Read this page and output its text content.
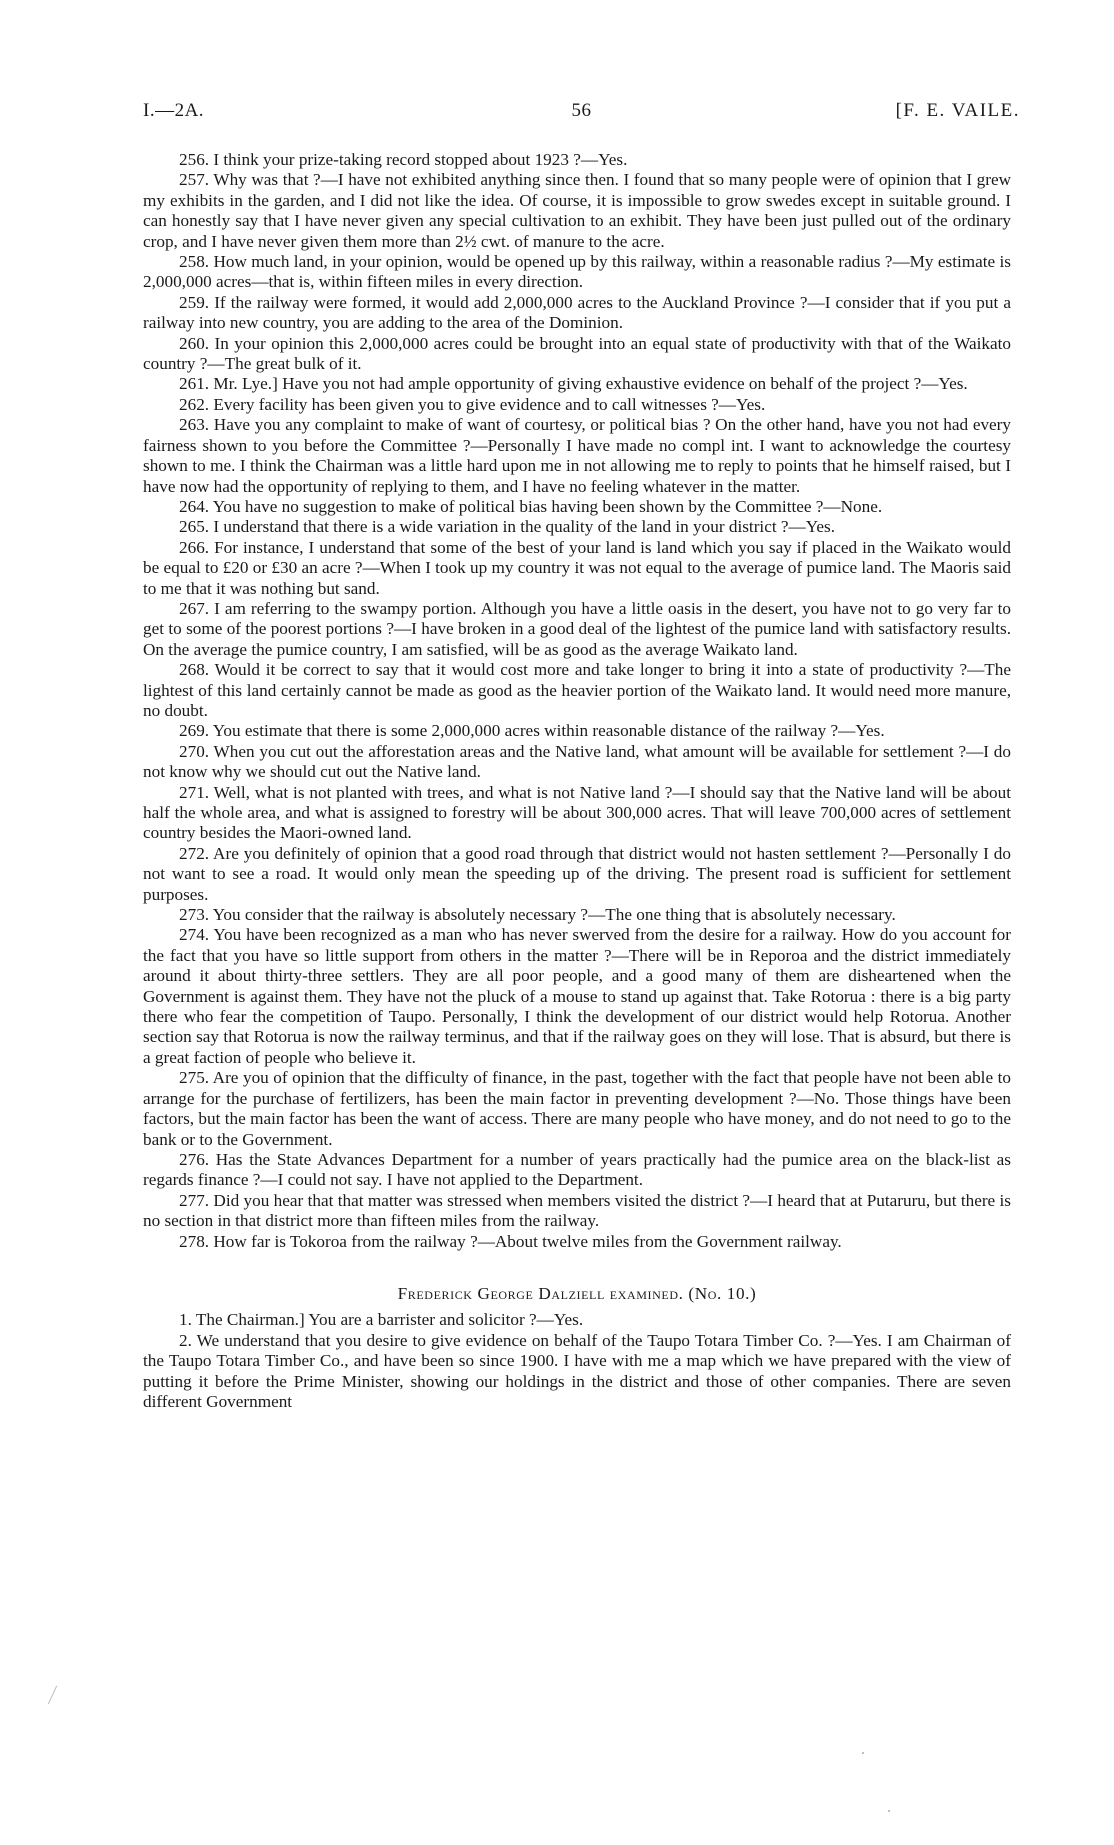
I.—2A.	56	[F. E. VAILE.

256. I think your prize-taking record stopped about 1923 ?—Yes.

257. Why was that ?—I have not exhibited anything since then. I found that so many people were of opinion that I grew my exhibits in the garden, and I did not like the idea. Of course, it is impossible to grow swedes except in suitable ground. I can honestly say that I have never given any special cultivation to an exhibit. They have been just pulled out of the ordinary crop, and I have never given them more than 2½ cwt. of manure to the acre.

258. How much land, in your opinion, would be opened up by this railway, within a reasonable radius ?—My estimate is 2,000,000 acres—that is, within fifteen miles in every direction.

259. If the railway were formed, it would add 2,000,000 acres to the Auckland Province ?—I consider that if you put a railway into new country, you are adding to the area of the Dominion.

260. In your opinion this 2,000,000 acres could be brought into an equal state of productivity with that of the Waikato country ?—The great bulk of it.

261. Mr. Lye.] Have you not had ample opportunity of giving exhaustive evidence on behalf of the project ?—Yes.

262. Every facility has been given you to give evidence and to call witnesses ?—Yes.

263. Have you any complaint to make of want of courtesy, or political bias ? On the other hand, have you not had every fairness shown to you before the Committee ?—Personally I have made no compl int. I want to acknowledge the courtesy shown to me. I think the Chairman was a little hard upon me in not allowing me to reply to points that he himself raised, but I have now had the opportunity of replying to them, and I have no feeling whatever in the matter.

264. You have no suggestion to make of political bias having been shown by the Committee ?—None.

265. I understand that there is a wide variation in the quality of the land in your district ?—Yes.

266. For instance, I understand that some of the best of your land is land which you say if placed in the Waikato would be equal to £20 or £30 an acre ?—When I took up my country it was not equal to the average of pumice land. The Maoris said to me that it was nothing but sand.

267. I am referring to the swampy portion. Although you have a little oasis in the desert, you have not to go very far to get to some of the poorest portions ?—I have broken in a good deal of the lightest of the pumice land with satisfactory results. On the average the pumice country, I am satisfied, will be as good as the average Waikato land.

268. Would it be correct to say that it would cost more and take longer to bring it into a state of productivity ?—The lightest of this land certainly cannot be made as good as the heavier portion of the Waikato land. It would need more manure, no doubt.

269. You estimate that there is some 2,000,000 acres within reasonable distance of the railway ?—Yes.

270. When you cut out the afforestation areas and the Native land, what amount will be available for settlement ?—I do not know why we should cut out the Native land.

271. Well, what is not planted with trees, and what is not Native land ?—I should say that the Native land will be about half the whole area, and what is assigned to forestry will be about 300,000 acres. That will leave 700,000 acres of settlement country besides the Maori-owned land.

272. Are you definitely of opinion that a good road through that district would not hasten settlement ?—Personally I do not want to see a road. It would only mean the speeding up of the driving. The present road is sufficient for settlement purposes.

273. You consider that the railway is absolutely necessary ?—The one thing that is absolutely necessary.

274. You have been recognized as a man who has never swerved from the desire for a railway. How do you account for the fact that you have so little support from others in the matter ?—There will be in Reporoa and the district immediately around it about thirty-three settlers. They are all poor people, and a good many of them are disheartened when the Government is against them. They have not the pluck of a mouse to stand up against that. Take Rotorua : there is a big party there who fear the competition of Taupo. Personally, I think the development of our district would help Rotorua. Another section say that Rotorua is now the railway terminus, and that if the railway goes on they will lose. That is absurd, but there is a great faction of people who believe it.

275. Are you of opinion that the difficulty of finance, in the past, together with the fact that people have not been able to arrange for the purchase of fertilizers, has been the main factor in preventing development ?—No. Those things have been factors, but the main factor has been the want of access. There are many people who have money, and do not need to go to the bank or to the Government.

276. Has the State Advances Department for a number of years practically had the pumice area on the black-list as regards finance ?—I could not say. I have not applied to the Department.

277. Did you hear that that matter was stressed when members visited the district ?—I heard that at Putaruru, but there is no section in that district more than fifteen miles from the railway.

278. How far is Tokoroa from the railway ?—About twelve miles from the Government railway.

Frederick George Dalziell examined. (No. 10.)

1. The Chairman.] You are a barrister and solicitor ?—Yes.

2. We understand that you desire to give evidence on behalf of the Taupo Totara Timber Co. ?—Yes. I am Chairman of the Taupo Totara Timber Co., and have been so since 1900. I have with me a map which we have prepared with the view of putting it before the Prime Minister, showing our holdings in the district and those of other companies. There are seven different Government
